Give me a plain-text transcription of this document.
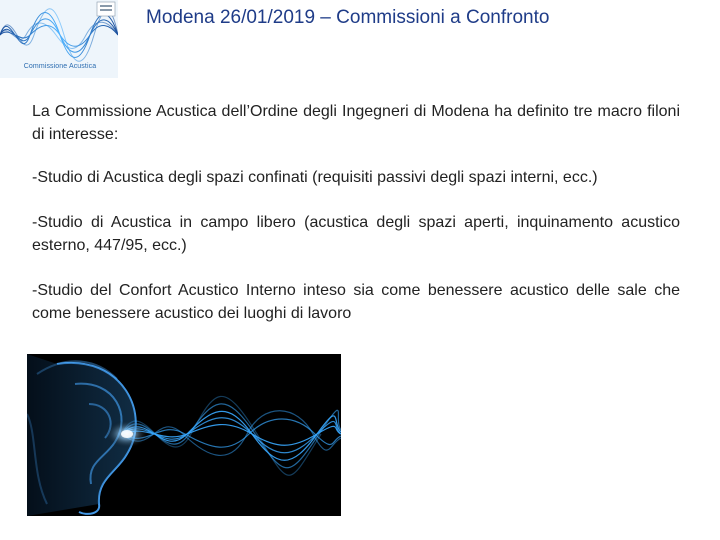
Commissione Acustica
Modena 26/01/2019 – Commissioni a Confronto

La Commissione Acustica dell’Ordine degli Ingegneri di Modena ha definito tre macro filoni di interesse:

-Studio di Acustica degli spazi confinati (requisiti passivi degli spazi interni, ecc.)

-Studio di Acustica in campo libero (acustica degli spazi aperti, inquinamento acustico esterno, 447/95, ecc.)

-Studio del Confort Acustico Interno inteso sia come benessere acustico delle sale che come benessere acustico dei luoghi di lavoro
